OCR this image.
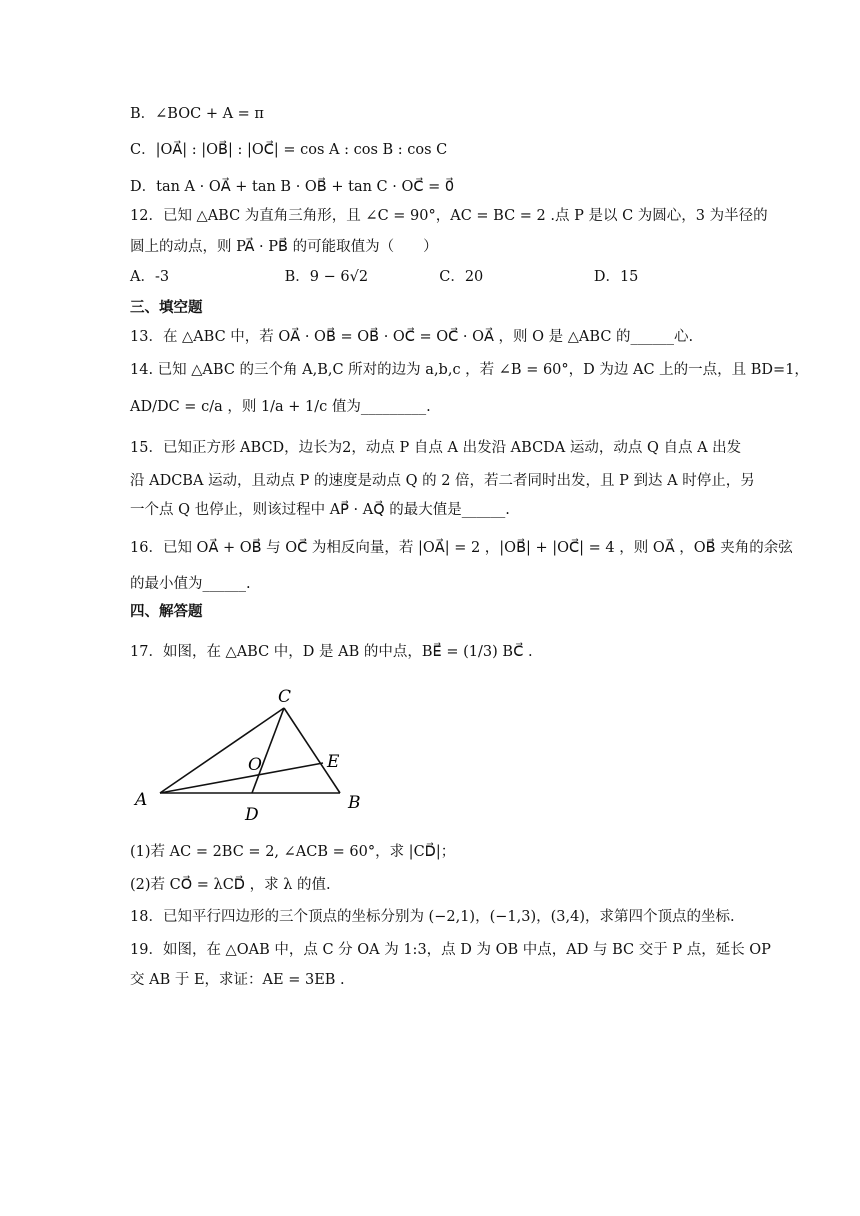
B．∠BOC + A = π
C．|OA⃗| : |OB⃗| : |OC⃗| = cos A : cos B : cos C
D．tan A · OA⃗ + tan B · OB⃗ + tan C · OC⃗ = 0⃗
12．已知 △ABC 为直角三角形，且 ∠C = 90°，AC = BC = 2 .点 P 是以 C 为圆心，3 为半径的
圆上的动点，则 PA⃗ · PB⃗ 的可能取值为（　　）
A．-3	B．9 − 6√2	C．20	D．15
三、填空题
13．在 △ABC 中，若 OA⃗ · OB⃗ = OB⃗ · OC⃗ = OC⃗ · OA⃗ ，则 O 是 △ABC 的______心.
14. 已知 △ABC 的三个角 A,B,C 所对的边为 a,b,c ，若 ∠B = 60°，D 为边 AC 上的一点，且 BD=1，
AD/DC = c/a ，则 1/a + 1/c 值为_________.
15．已知正方形 ABCD，边长为2，动点 P 自点 A 出发沿 ABCDA 运动，动点 Q 自点 A 出发
沿 ADCBA 运动，且动点 P 的速度是动点 Q 的 2 倍，若二者同时出发，且 P 到达 A 时停止，另
一个点 Q 也停止，则该过程中 AP⃗ · AQ⃗ 的最大值是______.
16．已知 OA⃗ + OB⃗ 与 OC⃗ 为相反向量，若 |OA⃗| = 2 ，|OB⃗| + |OC⃗| = 4 ，则 OA⃗ ，OB⃗ 夹角的余弦
的最小值为______.
四、解答题
17．如图，在 △ABC 中，D 是 AB 的中点，BE⃗ = (1/3) BC⃗ .
C
A	B
D
E
O
(1)若 AC = 2BC = 2, ∠ACB = 60°，求 |CD⃗|；
(2)若 CO⃗ = λCD⃗ ，求 λ 的值.
18．已知平行四边形的三个顶点的坐标分别为 (−2,1)，(−1,3)，(3,4)，求第四个顶点的坐标.
19．如图，在 △OAB 中，点 C 分 OA 为 1:3，点 D 为 OB 中点，AD 与 BC 交于 P 点，延长 OP
交 AB 于 E，求证：AE = 3EB .
